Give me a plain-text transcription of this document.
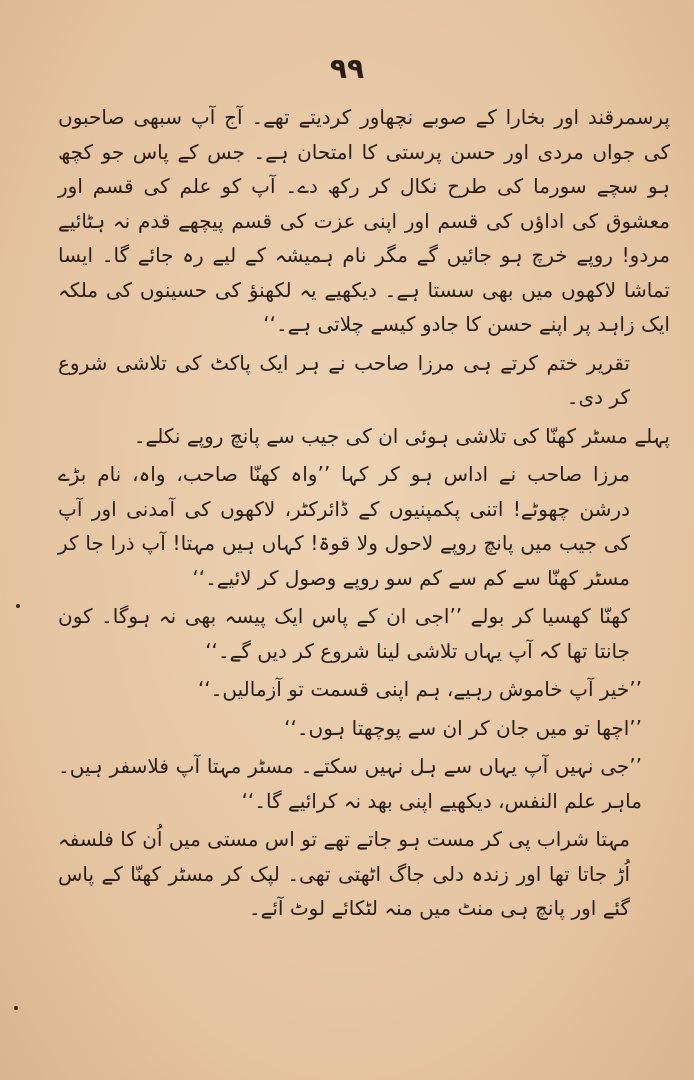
۹۹

پرسمرقند اور بخارا کے صوبے نچھاور کردیتے تھے۔ آج آپ سبھی صاحبوں کی جواں مردی اور حسن پرستی کا امتحان ہے۔ جس کے پاس جو کچھ ہو سچے سورما کی طرح نکال کر رکھ دے۔ آپ کو علم کی قسم اور معشوق کی اداؤں کی قسم اور اپنی عزت کی قسم پیچھے قدم نہ ہٹائیے مردو! روپے خرچ ہو جائیں گے مگر نام ہمیشہ کے لیے رہ جائے گا۔ ایسا تماشا لاکھوں میں بھی سستا ہے۔ دیکھیے یہ لکھنؤ کی حسینوں کی ملکہ ایک زاہد پر اپنے حسن کا جادو کیسے چلاتی ہے۔‘‘

تقریر ختم کرتے ہی مرزا صاحب نے ہر ایک پاکٹ کی تلاشی شروع کر دی۔

پہلے مسٹر کھنّا کی تلاشی ہوئی ان کی جیب سے پانچ روپے نکلے۔

مرزا صاحب نے اداس ہو کر کہا ’’واہ کھنّا صاحب، واہ، نام بڑے درشن چھوٹے! اتنی پکمپنیوں کے ڈائرکٹر، لاکھوں کی آمدنی اور آپ کی جیب میں پانچ روپے لاحول ولا قوۃ! کہاں ہیں مہتا! آپ ذرا جا کر مسٹر کھنّا سے کم سے کم سو روپے وصول کر لائیے۔‘‘

کھنّا کھسیا کر بولے ’’اجی ان کے پاس ایک پیسہ بھی نہ ہوگا۔ کون جانتا تھا کہ آپ یہاں تلاشی لینا شروع کر دیں گے۔‘‘

’’خیر آپ خاموش رہیے، ہم اپنی قسمت تو آزمالیں۔‘‘

’’اچھا تو میں جان کر ان سے پوچھتا ہوں۔‘‘

’’جی نہیں آپ یہاں سے ہل نہیں سکتے۔ مسٹر مہتا آپ فلاسفر ہیں۔ ماہر علم النفس، دیکھیے اپنی بھد نہ کرائیے گا۔‘‘

مہتا شراب پی کر مست ہو جاتے تھے تو اس مستی میں اُن کا فلسفہ اُڑ جاتا تھا اور زندہ دلی جاگ اٹھتی تھی۔ لپک کر مسٹر کھنّا کے پاس گئے اور پانچ ہی منٹ میں منہ لٹکائے لوٹ آئے۔
